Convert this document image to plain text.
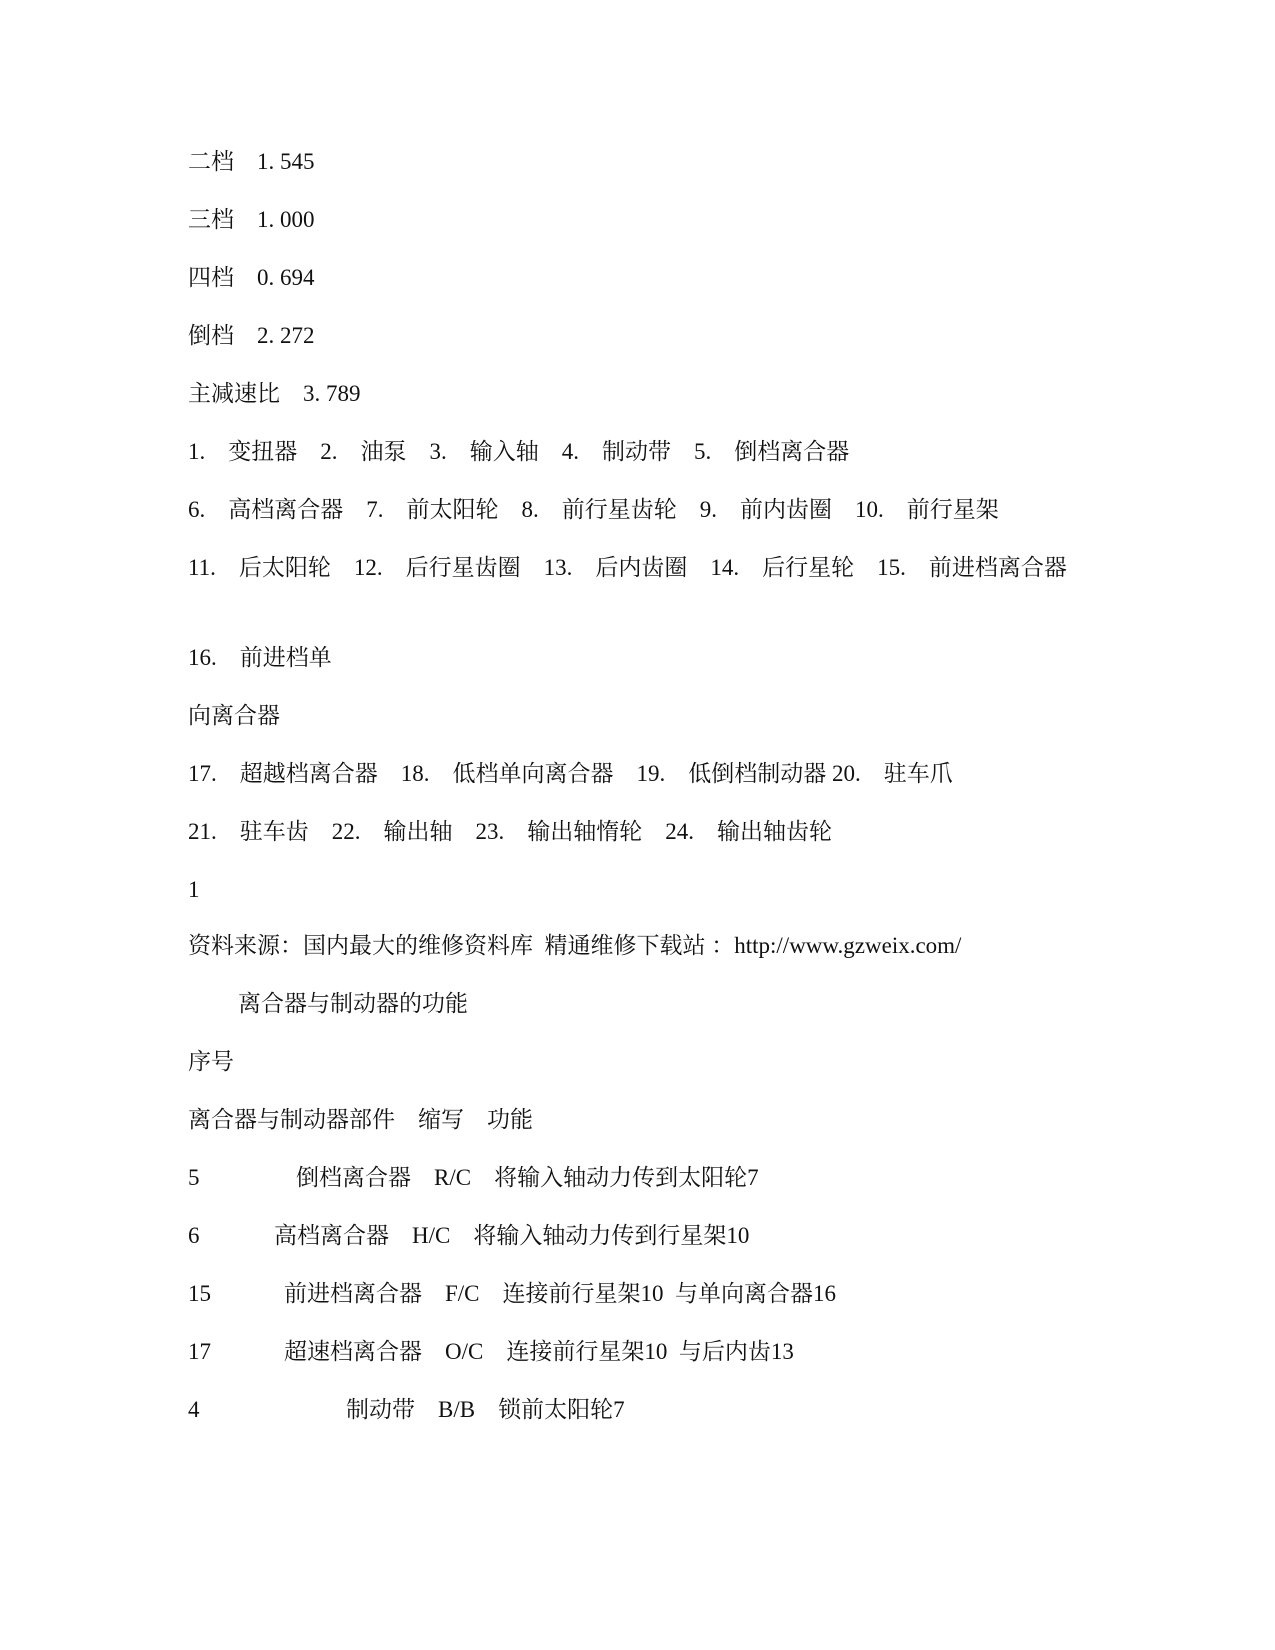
二档　 1. 545

三档　 1. 000

四档　 0. 694

倒档　 2. 272

主减速比　 3. 789

1.　变扭器　2.　油泵　3.　输入轴　4.　制动带　5.　倒档离合器

6.　高档离合器　7.　前太阳轮　8.　前行星齿轮　9.　前内齿圈　10.　前行星架

11.　后太阳轮　12.　后行星齿圈　13.　后内齿圈　14.　后行星轮　15.　前进档离合器

16.　前进档单

向离合器

17.　超越档离合器　18.　低档单向离合器　19.　低倒档制动器 20.　驻车爪

21.　驻车齿　22.　输出轴　23.　输出轴惰轮　24.　输出轴齿轮

1

资料来源：国内最大的维修资料库  精通维修下载站 ：http://www.gzweix.com/

离合器与制动器的功能

序号

离合器与制动器部件　缩写　功能

5	倒档离合器　R/C　将输入轴动力传到太阳轮7

6	高档离合器　H/C　将输入轴动力传到行星架10

15	前进档离合器　F/C　连接前行星架10  与单向离合器16

17	超速档离合器　O/C　连接前行星架10  与后内齿13

4	制动带　B/B　锁前太阳轮7
